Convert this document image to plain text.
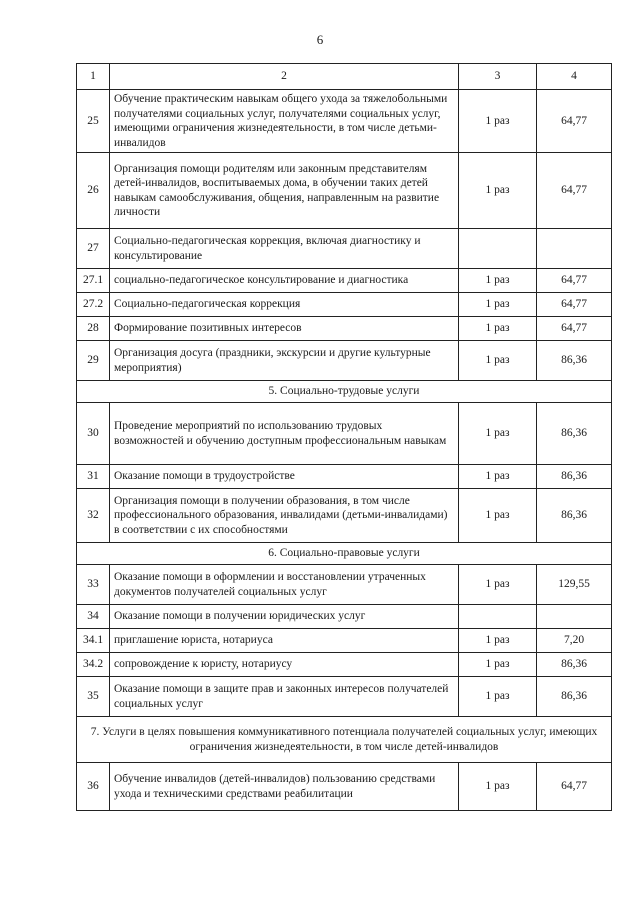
6
1	2	3	4
25	Обучение практическим навыкам общего ухода за тяжелобольными получателями социальных услуг, получателями социальных услуг, имеющими ограничения жизнедеятельности, в том числе детьми-инвалидов	1 раз	64,77
26	Организация помощи родителям или законным представителям детей-инвалидов, воспитываемых дома, в обучении таких детей навыкам самообслуживания, общения, направленным на развитие личности	1 раз	64,77
27	Социально-педагогическая коррекция, включая диагностику и консультирование		
27.1	социально-педагогическое консультирование и диагностика	1 раз	64,77
27.2	Социально-педагогическая коррекция	1 раз	64,77
28	Формирование позитивных интересов	1 раз	64,77
29	Организация досуга (праздники, экскурсии и другие культурные мероприятия)	1 раз	86,36
5. Социально-трудовые услуги			
30	Проведение мероприятий по использованию трудовых возможностей и обучению доступным профессиональным навыкам	1 раз	86,36
31	Оказание помощи в трудоустройстве	1 раз	86,36
32	Организация помощи в получении образования, в том числе профессионального образования, инвалидами (детьми-инвалидами) в соответствии с их способностями	1 раз	86,36
6. Социально-правовые услуги			
33	Оказание помощи в оформлении и восстановлении утраченных документов получателей социальных услуг	1 раз	129,55
34	Оказание помощи в получении юридических услуг		
34.1	приглашение юриста, нотариуса	1 раз	7,20
34.2	сопровождение к юристу, нотариусу	1 раз	86,36
35	Оказание помощи в защите прав и законных интересов получателей социальных услуг	1 раз	86,36
7. Услуги в целях повышения коммуникативного потенциала получателей социальных услуг, имеющих ограничения жизнедеятельности, в том числе детей-инвалидов			
36	Обучение инвалидов (детей-инвалидов) пользованию средствами ухода и техническими средствами реабилитации	1 раз	64,77
